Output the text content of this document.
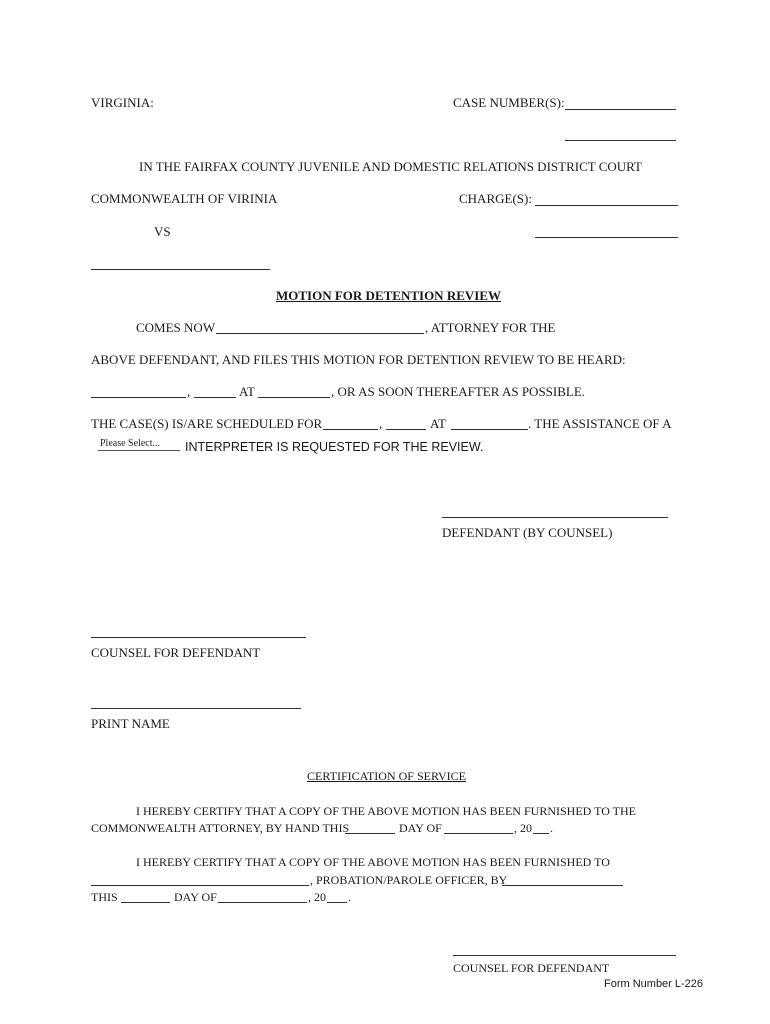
VIRGINIA:	CASE NUMBER(S):
IN THE FAIRFAX COUNTY JUVENILE AND DOMESTIC RELATIONS DISTRICT COURT
COMMONWEALTH OF VIRINIA	CHARGE(S):
VS
MOTION FOR DETENTION REVIEW
COMES NOW	, ATTORNEY FOR THE
ABOVE DEFENDANT, AND FILES THIS MOTION FOR DETENTION REVIEW TO BE HEARD:
,	AT	, OR AS SOON THEREAFTER AS POSSIBLE.
THE CASE(S) IS/ARE SCHEDULED FOR	,	AT	. THE ASSISTANCE OF A
Please Select...	INTERPRETER IS REQUESTED FOR THE REVIEW.
DEFENDANT (BY COUNSEL)
COUNSEL FOR DEFENDANT
PRINT NAME
CERTIFICATION OF SERVICE
I HEREBY CERTIFY THAT A COPY OF THE ABOVE MOTION HAS BEEN FURNISHED TO THE
COMMONWEALTH ATTORNEY, BY HAND THIS	DAY OF	, 20 .
I HEREBY CERTIFY THAT A COPY OF THE ABOVE MOTION HAS BEEN FURNISHED TO
, PROBATION/PAROLE OFFICER, BY
THIS	DAY OF	, 20 .
COUNSEL FOR DEFENDANT
Form Number L-226
